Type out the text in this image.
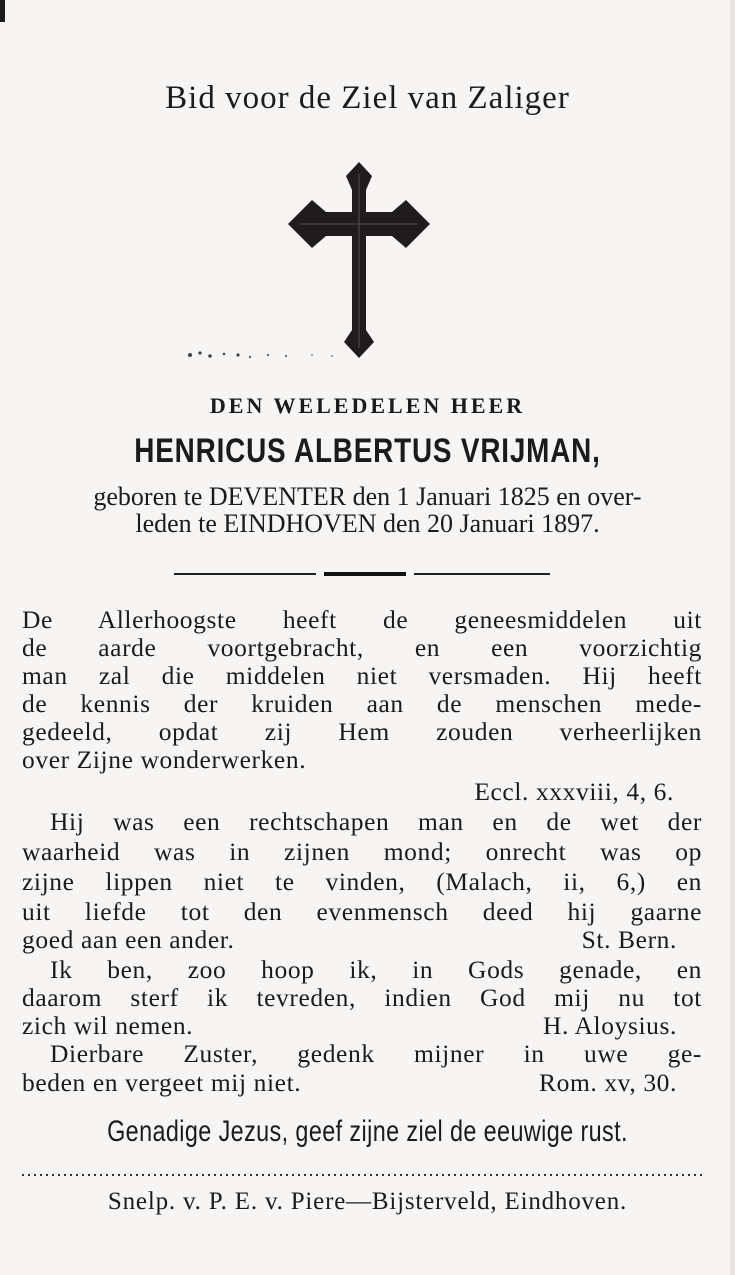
Bid voor de Ziel van Zaliger

DEN WELEDELEN HEER

HENRICUS ALBERTUS VRIJMAN,

geboren te DEVENTER den 1 Januari 1825 en over-

leden te EINDHOVEN den 20 Januari 1897.

De Allerhoogste heeft de geneesmiddelen uit

de aarde voortgebracht, en een voorzichtig

man zal die middelen niet versmaden. Hij heeft

de kennis der kruiden aan de menschen mede-

gedeeld, opdat zij Hem zouden verheerlijken

over Zijne wonderwerken.

Eccl. xxxviii, 4, 6.

Hij was een rechtschapen man en de wet der

waarheid was in zijnen mond; onrecht was op

zijne lippen niet te vinden, (Malach, ii, 6,) en

uit liefde tot den evenmensch deed hij gaarne

goed aan een ander.	St. Bern.

Ik ben, zoo hoop ik, in Gods genade, en

daarom sterf ik tevreden, indien God mij nu tot

zich wil nemen.	H. Aloysius.

Dierbare Zuster, gedenk mijner in uwe ge-

beden en vergeet mij niet.	Rom. xv, 30.

Genadige Jezus, geef zijne ziel de eeuwige rust.

Snelp. v. P. E. v. Piere—Bijsterveld, Eindhoven.
